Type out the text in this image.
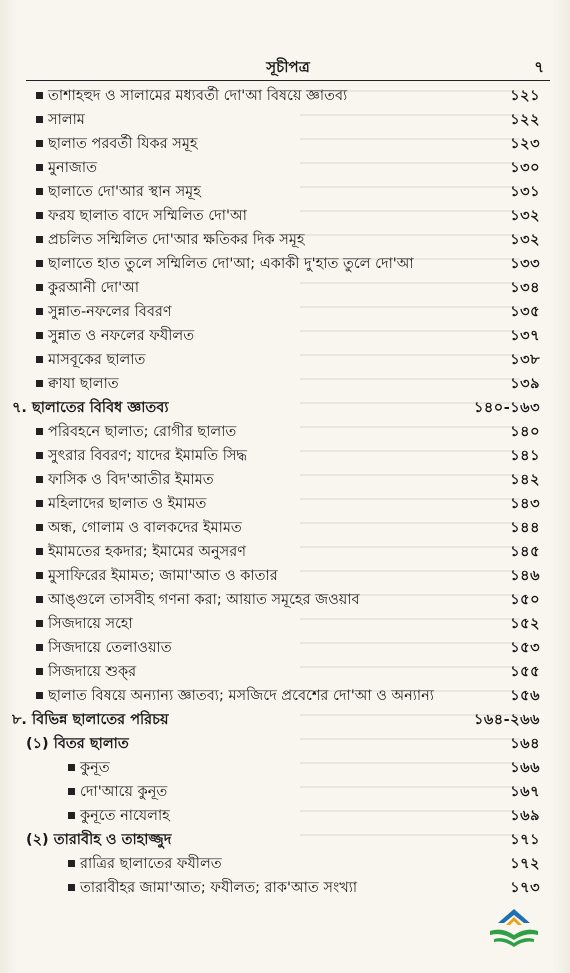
সূচীপত্র	৭
তাশাহহুদ ও সালামের মধ্যবর্তী দো'আ বিষয়ে জ্ঞাতব্য	১২১
সালাম	১২২
ছালাত পরবর্তী যিকর সমূহ	১২৩
মুনাজাত	১৩০
ছালাতে দো'আর স্থান সমূহ	১৩১
ফরয ছালাত বাদে সম্মিলিত দো'আ	১৩২
প্রচলিত সম্মিলিত দো'আর ক্ষতিকর দিক সমূহ	১৩২
ছালাতে হাত তুলে সম্মিলিত দো'আ; একাকী দু'হাত তুলে দো'আ	১৩৩
কুরআনী দো'আ	১৩৪
সুন্নাত-নফলের বিবরণ	১৩৫
সুন্নাত ও নফলের ফযীলত	১৩৭
মাসবূকের ছালাত	১৩৮
ক্বাযা ছালাত	১৩৯
৭. ছালাতের বিবিধ জ্ঞাতব্য	১৪০-১৬৩
পরিবহনে ছালাত; রোগীর ছালাত	১৪০
সুৎরার বিবরণ; যাদের ইমামতি সিদ্ধ	১৪১
ফাসিক ও বিদ'আতীর ইমামত	১৪২
মহিলাদের ছালাত ও ইমামত	১৪৩
অন্ধ, গোলাম ও বালকদের ইমামত	১৪৪
ইমামতের হকদার; ইমামের অনুসরণ	১৪৫
মুসাফিরের ইমামত; জামা'আত ও কাতার	১৪৬
আঙ্গুলে তাসবীহ গণনা করা; আয়াত সমূহের জওয়াব	১৫০
সিজদায়ে সহো	১৫২
সিজদায়ে তেলাওয়াত	১৫৩
সিজদায়ে শুক্‌র	১৫৫
ছালাত বিষয়ে অন্যান্য জ্ঞাতব্য; মসজিদে প্রবেশের দো'আ ও অন্যান্য	১৫৬
৮. বিভিন্ন ছালাতের পরিচয়	১৬৪-২৬৬
(১) বিতর ছালাত	১৬৪
কুনূত	১৬৬
দো'আয়ে কুনূত	১৬৭
কুনূতে নাযেলাহ	১৬৯
(২) তারাবীহ ও তাহাজ্জুদ	১৭১
রাত্রির ছালাতের ফযীলত	১৭২
তারাবীহর জামা'আত; ফযীলত; রাক'আত সংখ্যা	১৭৩
